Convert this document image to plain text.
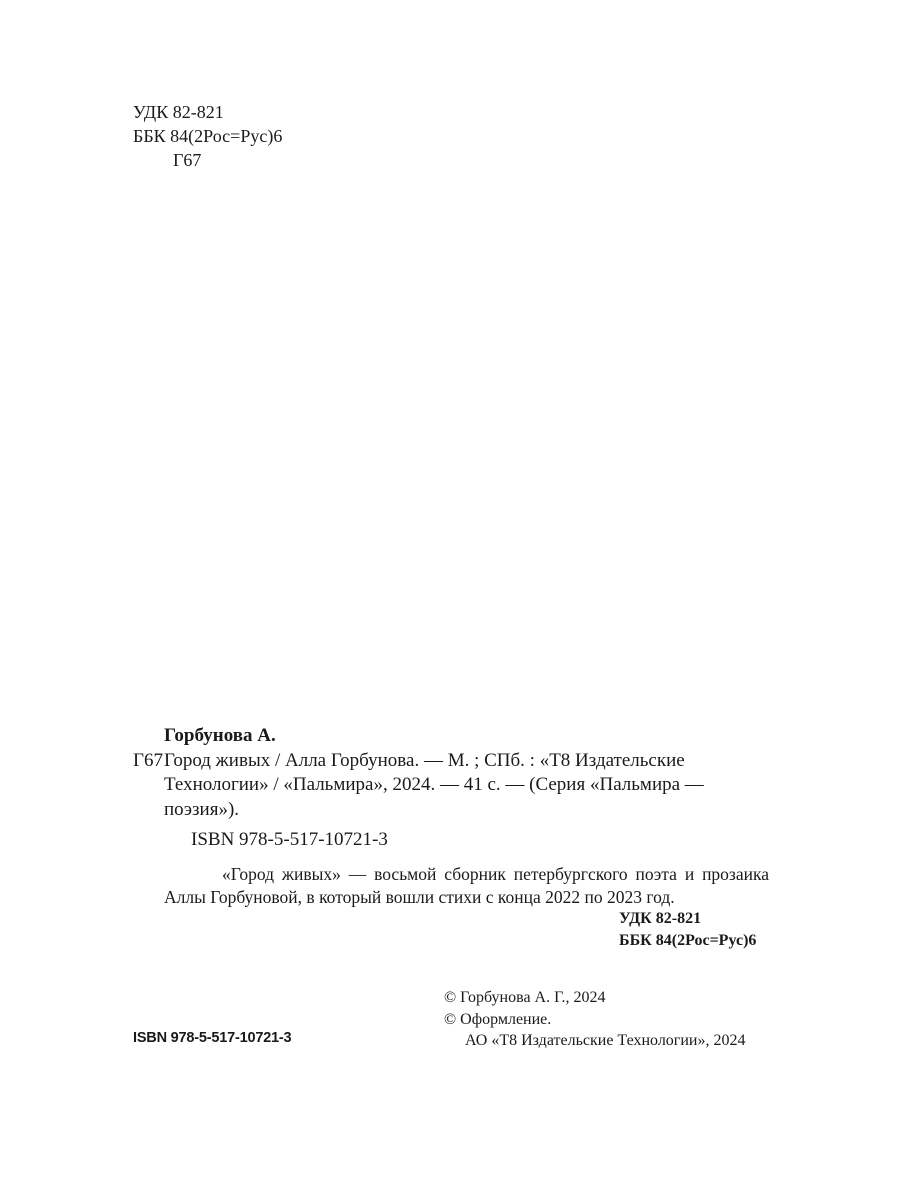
УДК 82-821
ББК 84(2Рос=Рус)6
Г67
Горбунова А.
Г67 Город живых / Алла Горбунова. — М. ; СПб. : «Т8 Издательские Технологии» / «Пальмира», 2024. — 41 с. — (Серия «Пальмира — поэзия»).

ISBN 978-5-517-10721-3
«Город живых» — восьмой сборник петербургского поэта и прозаика Аллы Горбуновой, в который вошли стихи с конца 2022 по 2023 год.
УДК 82-821
ББК 84(2Рос=Рус)6
ISBN 978-5-517-10721-3
© Горбунова А. Г., 2024
© Оформление.
АО «Т8 Издательские Технологии», 2024
